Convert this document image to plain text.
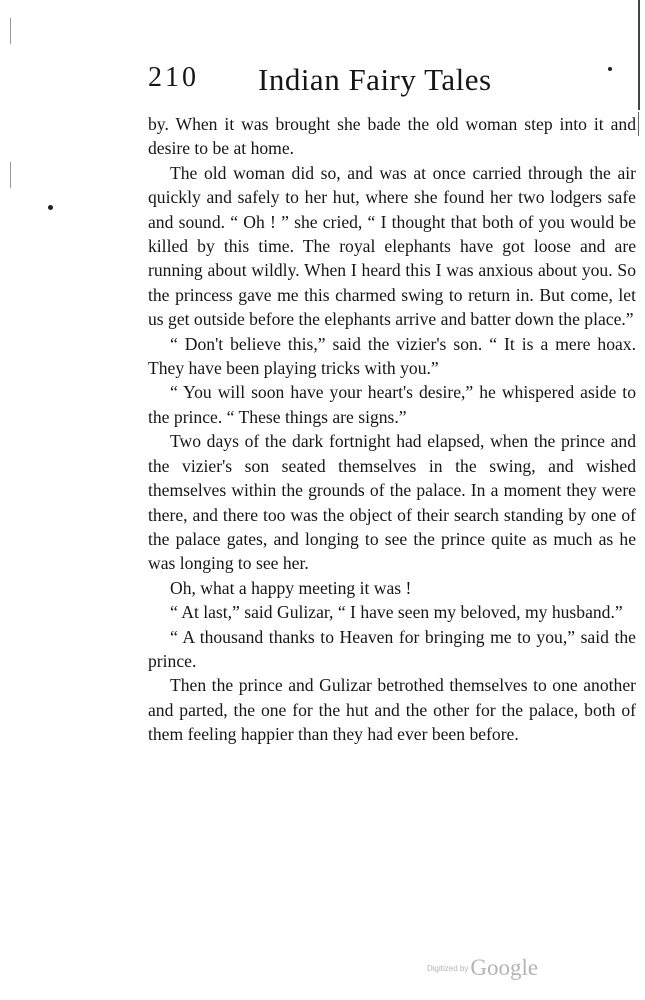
210 Indian Fairy Tales

by. When it was brought she bade the old woman step into it and desire to be at home.

The old woman did so, and was at once carried through the air quickly and safely to her hut, where she found her two lodgers safe and sound. “ Oh ! ” she cried, “ I thought that both of you would be killed by this time. The royal elephants have got loose and are running about wildly. When I heard this I was anxious about you. So the princess gave me this charmed swing to return in. But come, let us get outside before the elephants arrive and batter down the place.”

“ Don't believe this,” said the vizier's son. “ It is a mere hoax. They have been playing tricks with you.”

“ You will soon have your heart's desire,” he whispered aside to the prince. “ These things are signs.”

Two days of the dark fortnight had elapsed, when the prince and the vizier's son seated themselves in the swing, and wished themselves within the grounds of the palace. In a moment they were there, and there too was the object of their search standing by one of the palace gates, and longing to see the prince quite as much as he was longing to see her.

Oh, what a happy meeting it was !

“ At last,” said Gulizar, “ I have seen my beloved, my husband.”

“ A thousand thanks to Heaven for bringing me to you,” said the prince.

Then the prince and Gulizar betrothed themselves to one another and parted, the one for the hut and the other for the palace, both of them feeling happier than they had ever been before.

$^{Digitized by}$Google
